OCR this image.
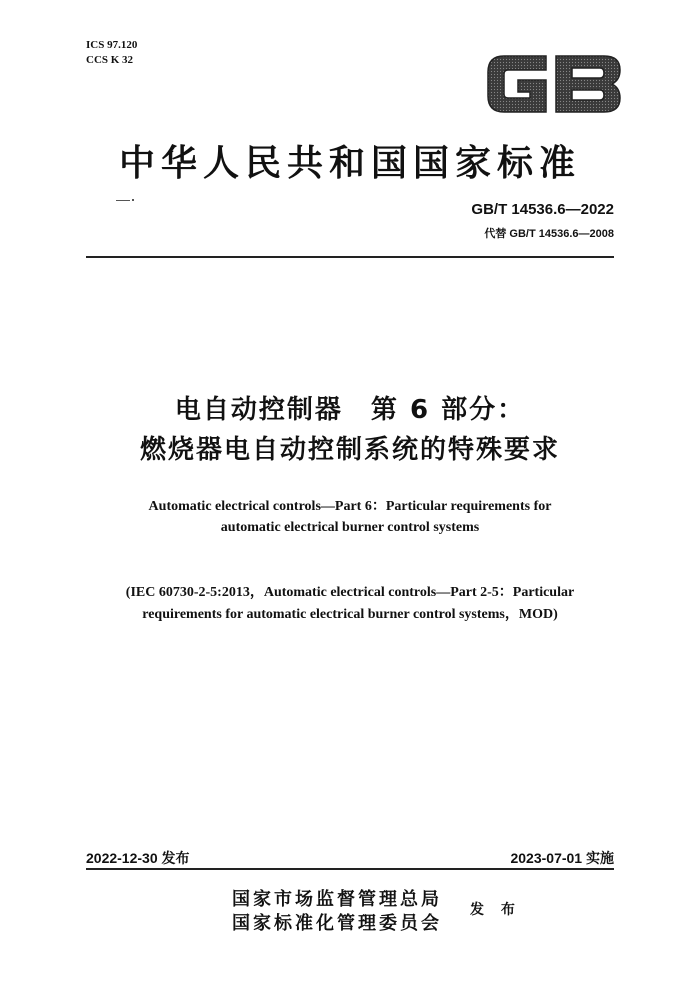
ICS 97.120
CCS K 32
GB
中华人民共和国国家标准
GB/T 14536.6—2022
代替 GB/T 14536.6—2008
电自动控制器　第 6 部分：
燃烧器电自动控制系统的特殊要求
Automatic electrical controls—Part 6：Particular requirements for
automatic electrical burner control systems
(IEC 60730-2-5:2013，Automatic electrical controls—Part 2-5：Particular
requirements for automatic electrical burner control systems，MOD)
2022-12-30 发布	2023-07-01 实施
国家市场监督管理总局
国家标准化管理委员会
发 布
